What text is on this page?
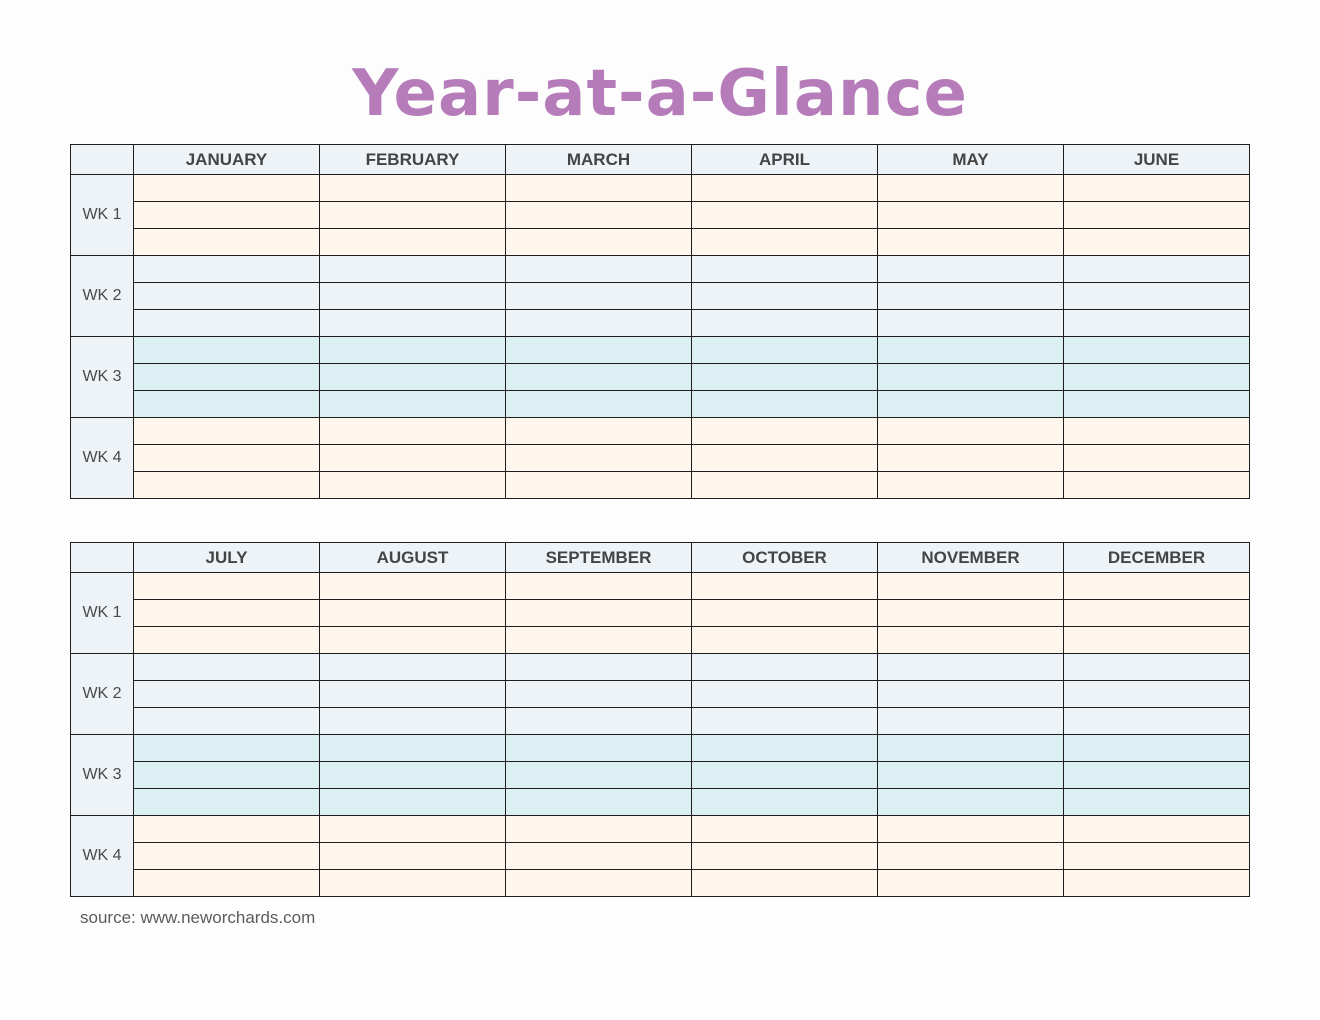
Year-at-a-Glance
	JANUARY	FEBRUARY	MARCH	APRIL	MAY	JUNE
WK 1						

WK 2						

WK 3						

WK 4						

	JULY	AUGUST	SEPTEMBER	OCTOBER	NOVEMBER	DECEMBER
WK 1						

WK 2						

WK 3						

WK 4						

source: www.neworchards.com
